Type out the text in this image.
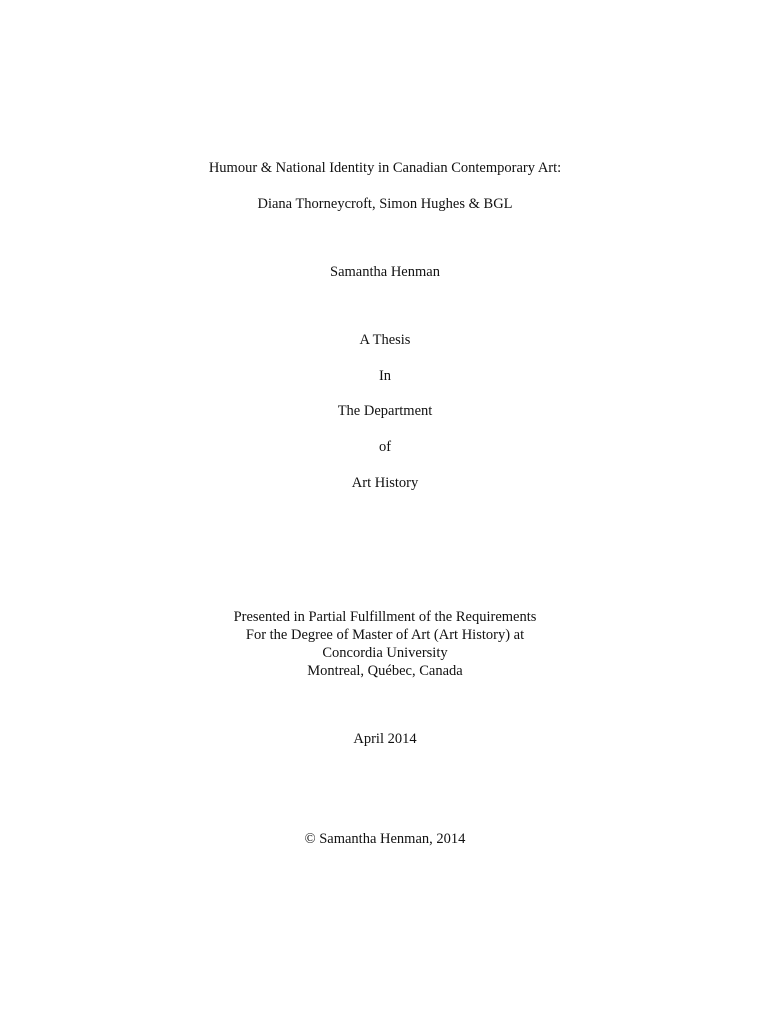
Humour & National Identity in Canadian Contemporary Art:
Diana Thorneycroft, Simon Hughes & BGL
Samantha Henman
A Thesis
In
The Department
of
Art History
Presented in Partial Fulfillment of the Requirements
For the Degree of Master of Art (Art History) at
Concordia University
Montreal, Québec, Canada
April 2014
© Samantha Henman, 2014
